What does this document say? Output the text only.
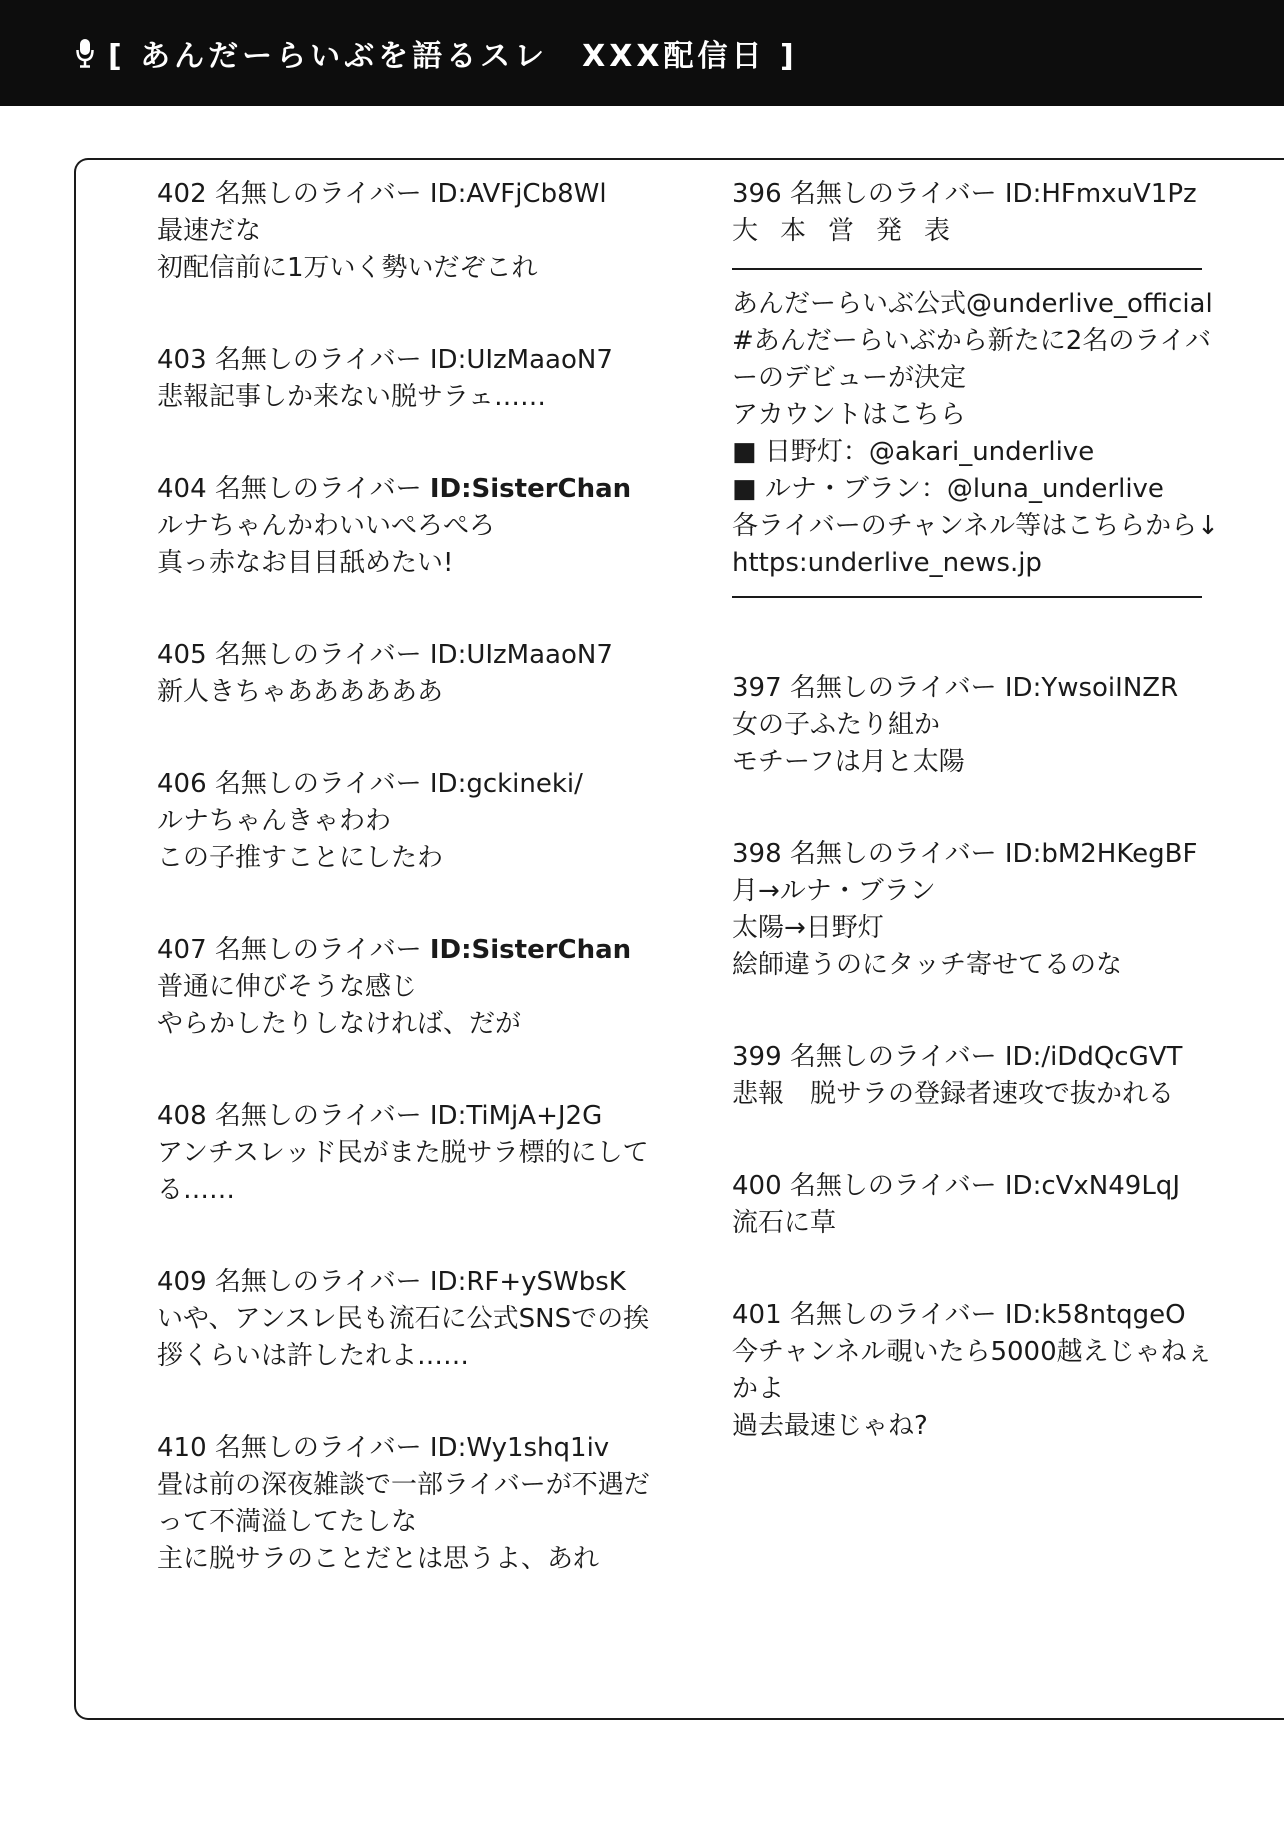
[ あんだーらいぶを語るスレ　XXX配信日 ]
402 名無しのライバー ID:AVFjCb8Wl
最速だな
初配信前に1万いく勢いだぞこれ
403 名無しのライバー ID:UIzMaaoN7
悲報記事しか来ない脱サラェ……
404 名無しのライバー ID:SisterChan
ルナちゃんかわいいぺろぺろ
真っ赤なお目目舐めたい!
405 名無しのライバー ID:UIzMaaoN7
新人きちゃああああああ
406 名無しのライバー ID:gckineki/
ルナちゃんきゃわわ
この子推すことにしたわ
407 名無しのライバー ID:SisterChan
普通に伸びそうな感じ
やらかしたりしなければ、だが
408 名無しのライバー ID:TiMjA+J2G
アンチスレッド民がまた脱サラ標的にして
る……
409 名無しのライバー ID:RF+ySWbsK
いや、アンスレ民も流石に公式SNSでの挨
拶くらいは許したれよ……
410 名無しのライバー ID:Wy1shq1iv
畳は前の深夜雑談で一部ライバーが不遇だ
って不満溢してたしな
主に脱サラのことだとは思うよ、あれ
396 名無しのライバー ID:HFmxuV1Pz
大本営発表
あんだーらいぶ公式@underlive_official
#あんだーらいぶから新たに2名のライバ
ーのデビューが決定
アカウントはこちら
■ 日野灯：@akari_underlive
■ ルナ・ブラン：@luna_underlive
各ライバーのチャンネル等はこちらから↓
https:underlive_news.jp
397 名無しのライバー ID:YwsoiINZR
女の子ふたり組か
モチーフは月と太陽
398 名無しのライバー ID:bM2HKegBF
月→ルナ・ブラン
太陽→日野灯
絵師違うのにタッチ寄せてるのな
399 名無しのライバー ID:/iDdQcGVT
悲報　脱サラの登録者速攻で抜かれる
400 名無しのライバー ID:cVxN49LqJ
流石に草
401 名無しのライバー ID:k58ntqgeO
今チャンネル覗いたら5000越えじゃねぇ
かよ
過去最速じゃね?
